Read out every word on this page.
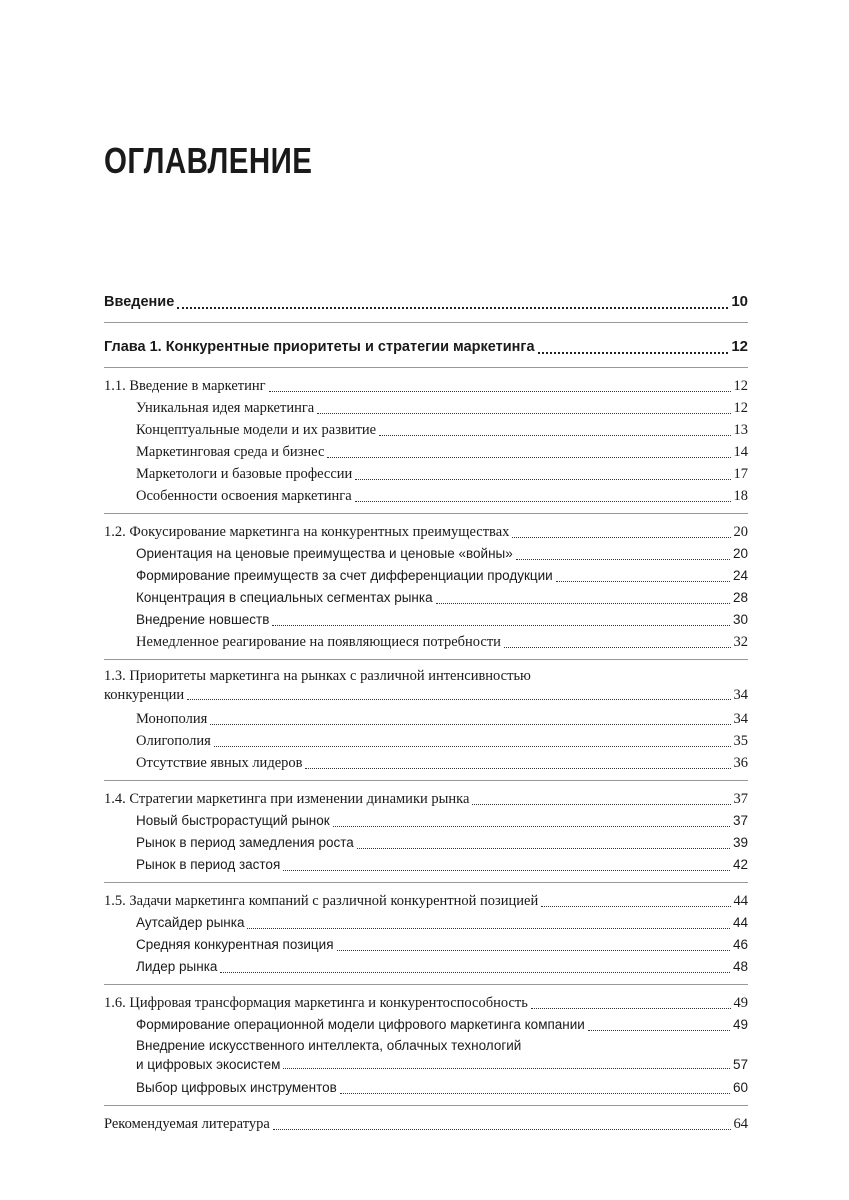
ОГЛАВЛЕНИЕ
Введение	10
Глава 1. Конкурентные приоритеты и стратегии маркетинга	12
1.1. Введение в маркетинг	12
Уникальная идея маркетинга	12
Концептуальные модели и их развитие	13
Маркетинговая среда и бизнес	14
Маркетологи и базовые профессии	17
Особенности освоения маркетинга	18
1.2. Фокусирование маркетинга на конкурентных преимуществах	20
Ориентация на ценовые преимущества и ценовые «войны»	20
Формирование преимуществ за счет дифференциации продукции	24
Концентрация в специальных сегментах рынка	28
Внедрение новшеств	30
Немедленное реагирование на появляющиеся потребности	32
1.3. Приоритеты маркетинга на рынках с различной интенсивностью
конкуренции	34
Монополия	34
Олигополия	35
Отсутствие явных лидеров	36
1.4. Стратегии маркетинга при изменении динамики рынка	37
Новый быстрорастущий рынок	37
Рынок в период замедления роста	39
Рынок в период застоя	42
1.5. Задачи маркетинга компаний с различной конкурентной позицией	44
Аутсайдер рынка	44
Средняя конкурентная позиция	46
Лидер рынка	48
1.6. Цифровая трансформация маркетинга и конкурентоспособность	49
Формирование операционной модели цифрового маркетинга компании	49
Внедрение искусственного интеллекта, облачных технологий
и цифровых экосистем	57
Выбор цифровых инструментов	60
Рекомендуемая литература	64
